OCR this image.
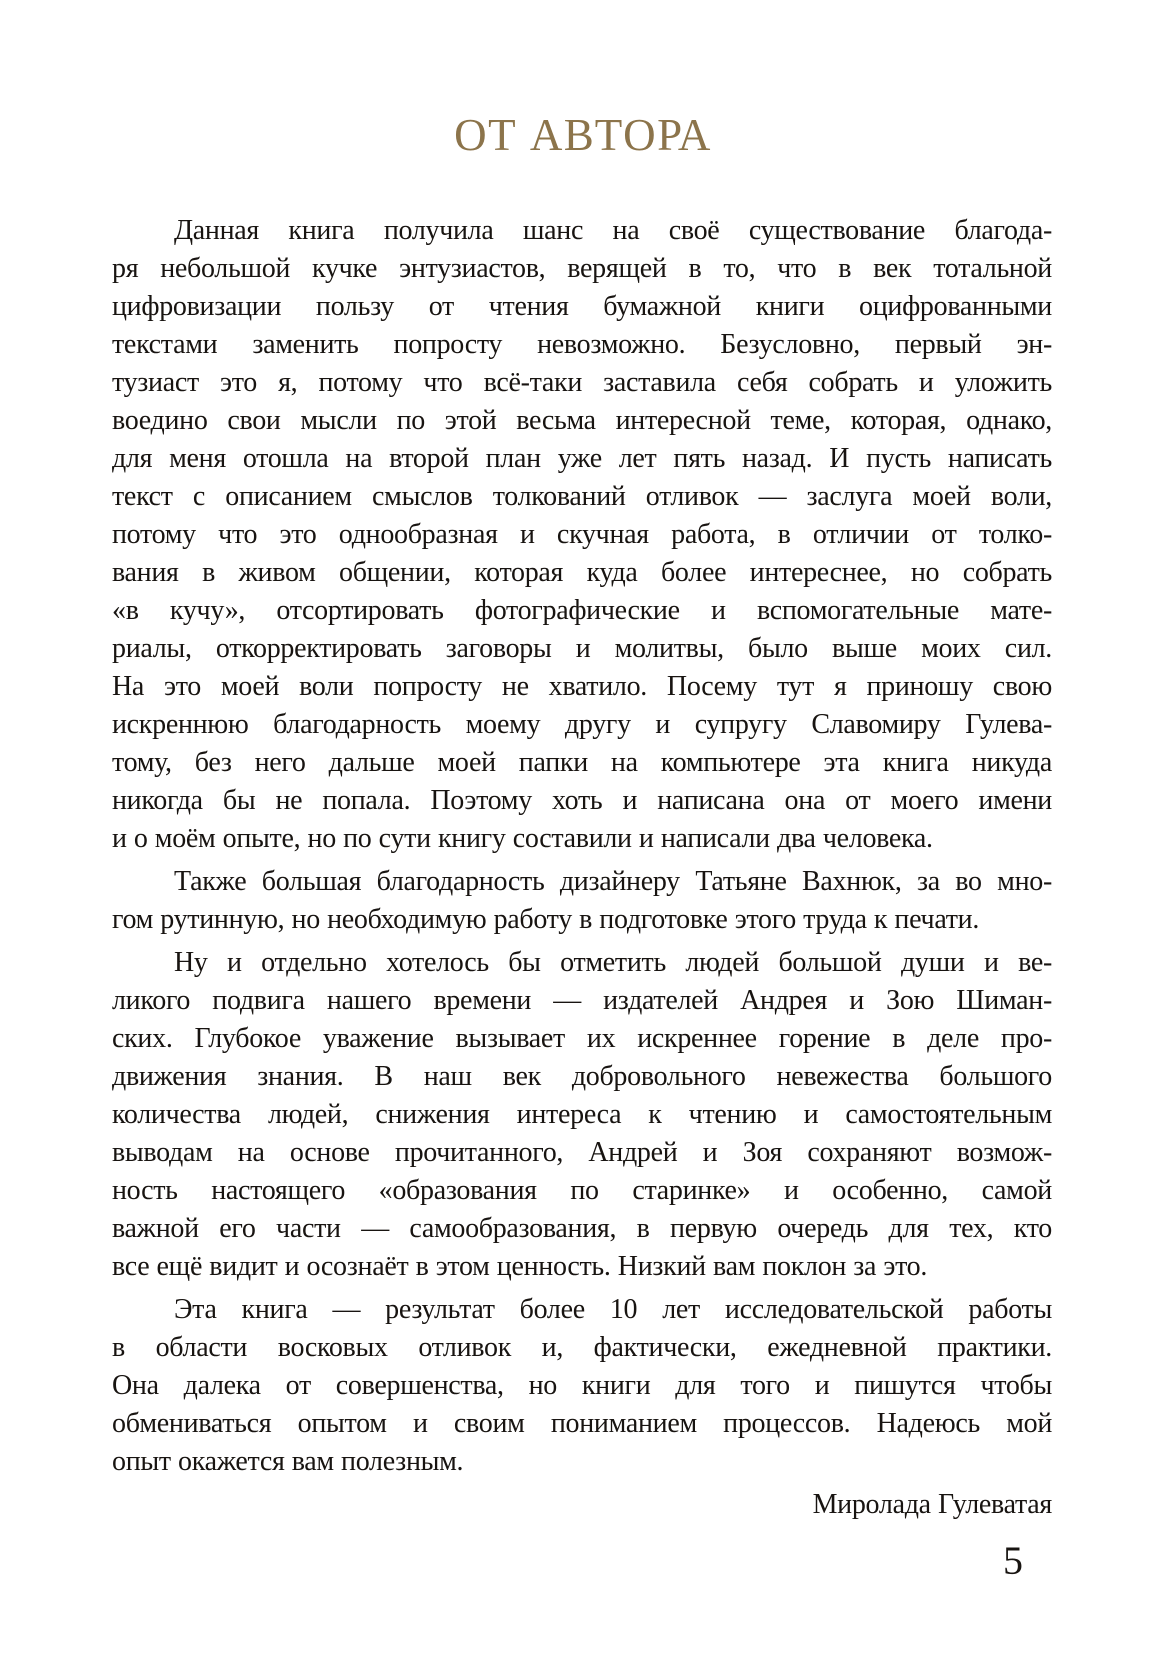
ОТ АВТОРА

Данная книга получила шанс на своё существование благода-
ря небольшой кучке энтузиастов, верящей в то, что в век тотальной
цифровизации пользу от чтения бумажной книги оцифрованными
текстами заменить попросту невозможно. Безусловно, первый эн-
тузиаст это я, потому что всё-таки заставила себя собрать и уложить
воедино свои мысли по этой весьма интересной теме, которая, однако,
для меня отошла на второй план уже лет пять назад. И пусть написать
текст с описанием смыслов толкований отливок — заслуга моей воли,
потому что это однообразная и скучная работа, в отличии от толко-
вания в живом общении, которая куда более интереснее, но собрать
«в кучу», отсортировать фотографические и вспомогательные мате-
риалы, откорректировать заговоры и молитвы, было выше моих сил.
На это моей воли попросту не хватило. Посему тут я приношу свою
искреннюю благодарность моему другу и супругу Славомиру Гулева-
тому, без него дальше моей папки на компьютере эта книга никуда
никогда бы не попала. Поэтому хоть и написана она от моего имени
и о моём опыте, но по сути книгу составили и написали два человека.

Также большая благодарность дизайнеру Татьяне Вахнюк, за во мно-
гом рутинную, но необходимую работу в подготовке этого труда к печати.

Ну и отдельно хотелось бы отметить людей большой души и ве-
ликого подвига нашего времени — издателей Андрея и Зою Шиман-
ских. Глубокое уважение вызывает их искреннее горение в деле про-
движения знания. В наш век добровольного невежества большого
количества людей, снижения интереса к чтению и самостоятельным
выводам на основе прочитанного, Андрей и Зоя сохраняют возмож-
ность настоящего «образования по старинке» и особенно, самой
важной его части — самообразования, в первую очередь для тех, кто
все ещё видит и осознаёт в этом ценность. Низкий вам поклон за это.

Эта книга — результат более 10 лет исследовательской работы
в области восковых отливок и, фактически, ежедневной практики.
Она далека от совершенства, но книги для того и пишутся чтобы
обмениваться опытом и своим пониманием процессов. Надеюсь мой
опыт окажется вам полезным.

Миролада Гулеватая
5
